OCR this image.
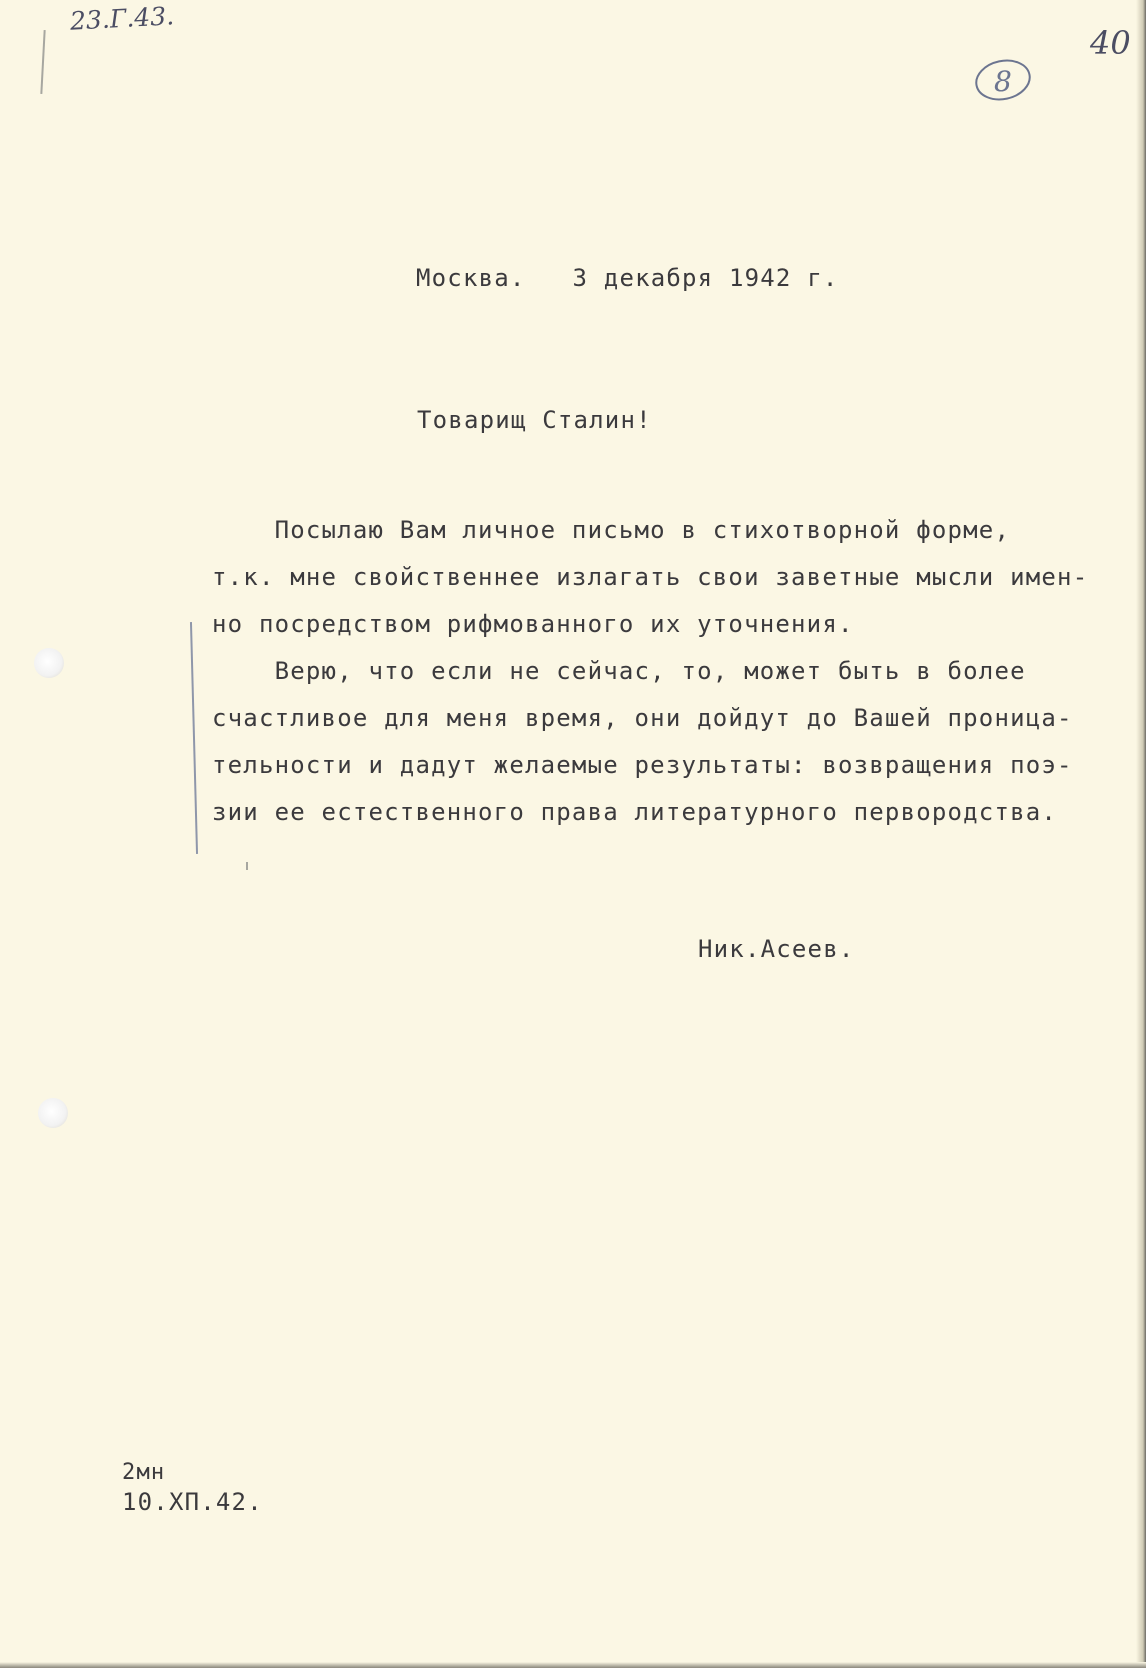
23.Г.43.
40
8

Москва.   3 декабря 1942 г.

Товарищ Сталин!

Посылаю Вам личное письмо в стихотворной форме,

т.к. мне свойственнее излагать свои заветные мысли имен-

но посредством рифмованного их уточнения.

Верю, что если не сейчас, то, может быть в более

счастливое для меня время, они дойдут до Вашей проница-

тельности и дадут желаемые результаты: возвращения поэ-

зии ее естественного права литературного первородства.

Ник.Асеев.

2мн

10.ХП.42.
